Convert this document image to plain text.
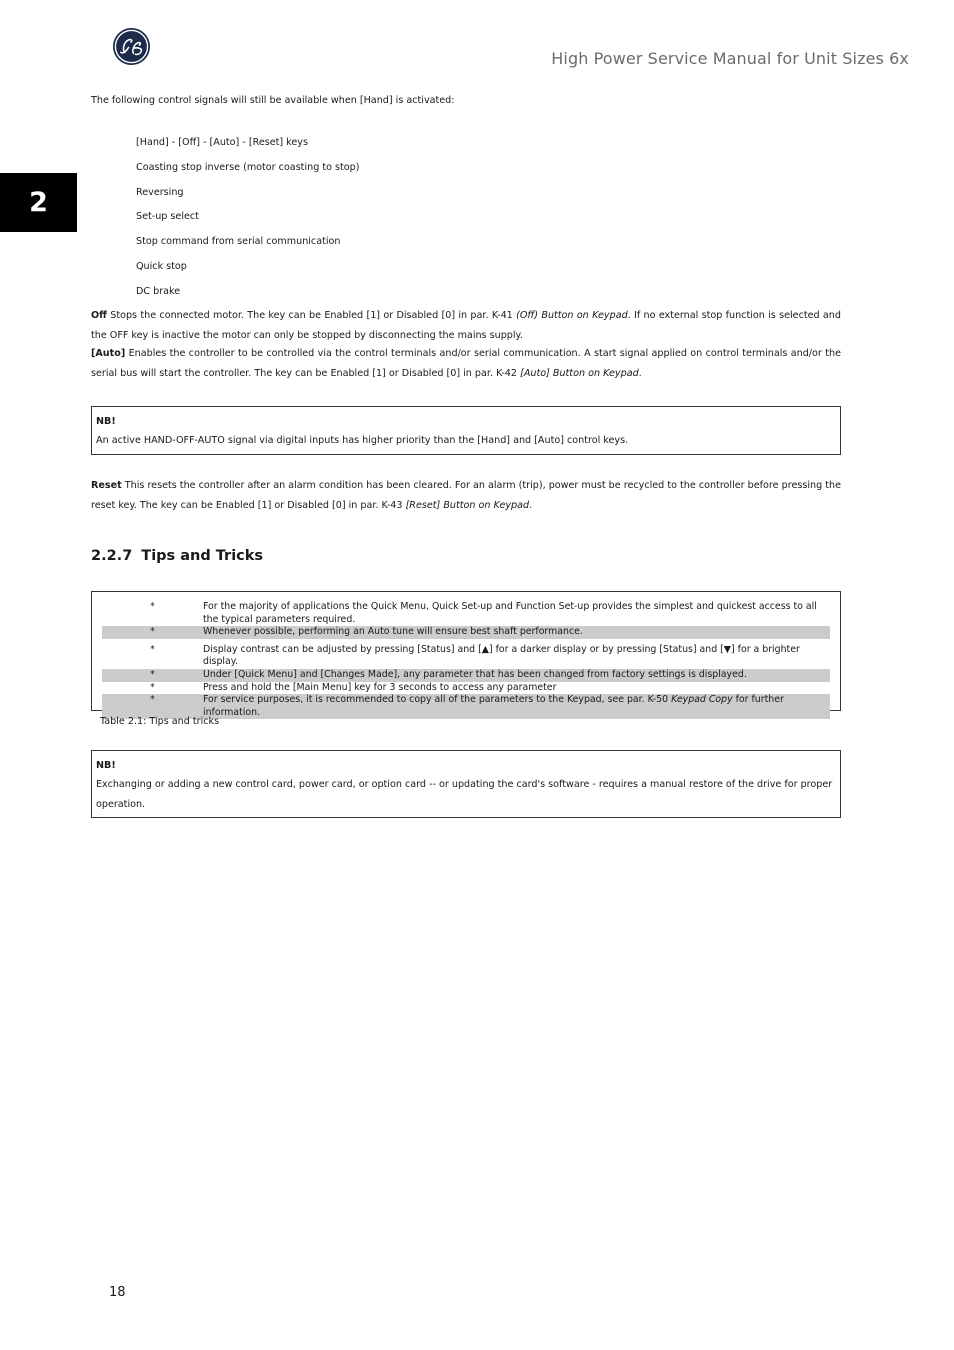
High Power Service Manual for Unit Sizes 6x
2
The following control signals will still be available when [Hand] is activated:
[Hand] - [Off] - [Auto] - [Reset] keys
Coasting stop inverse (motor coasting to stop)
Reversing
Set-up select
Stop command from serial communication
Quick stop
DC brake

Off Stops the connected motor. The key can be Enabled [1] or Disabled [0] in par. K-41 (Off) Button on Keypad. If no external stop function is selected and the OFF key is inactive the motor can only be stopped by disconnecting the mains supply.

[Auto] Enables the controller to be controlled via the control terminals and/or serial communication. A start signal applied on control terminals and/or the serial bus will start the controller. The key can be Enabled [1] or Disabled [0] in par. K-42 [Auto] Button on Keypad.

NB!
An active HAND-OFF-AUTO signal via digital inputs has higher priority than the [Hand] and [Auto] control keys.

Reset This resets the controller after an alarm condition has been cleared. For an alarm (trip), power must be recycled to the controller before pressing the reset key. The key can be Enabled [1] or Disabled [0] in par. K-43 [Reset] Button on Keypad.

2.2.7 Tips and Tricks
*	For the majority of applications the Quick Menu, Quick Set-up and Function Set-up provides the simplest and quickest access to all the typical parameters required.
*	Whenever possible, performing an Auto tune will ensure best shaft performance.
*	Display contrast can be adjusted by pressing [Status] and [▲] for a darker display or by pressing [Status] and [▼] for a brighter display.
*	Under [Quick Menu] and [Changes Made], any parameter that has been changed from factory settings is displayed.
*	Press and hold the [Main Menu] key for 3 seconds to access any parameter
*	For service purposes, it is recommended to copy all of the parameters to the Keypad, see par. K-50 Keypad Copy for further information.
Table 2.1: Tips and tricks
NB!
Exchanging or adding a new control card, power card, or option card -- or updating the card's software - requires a manual restore of the drive for proper operation.
18
